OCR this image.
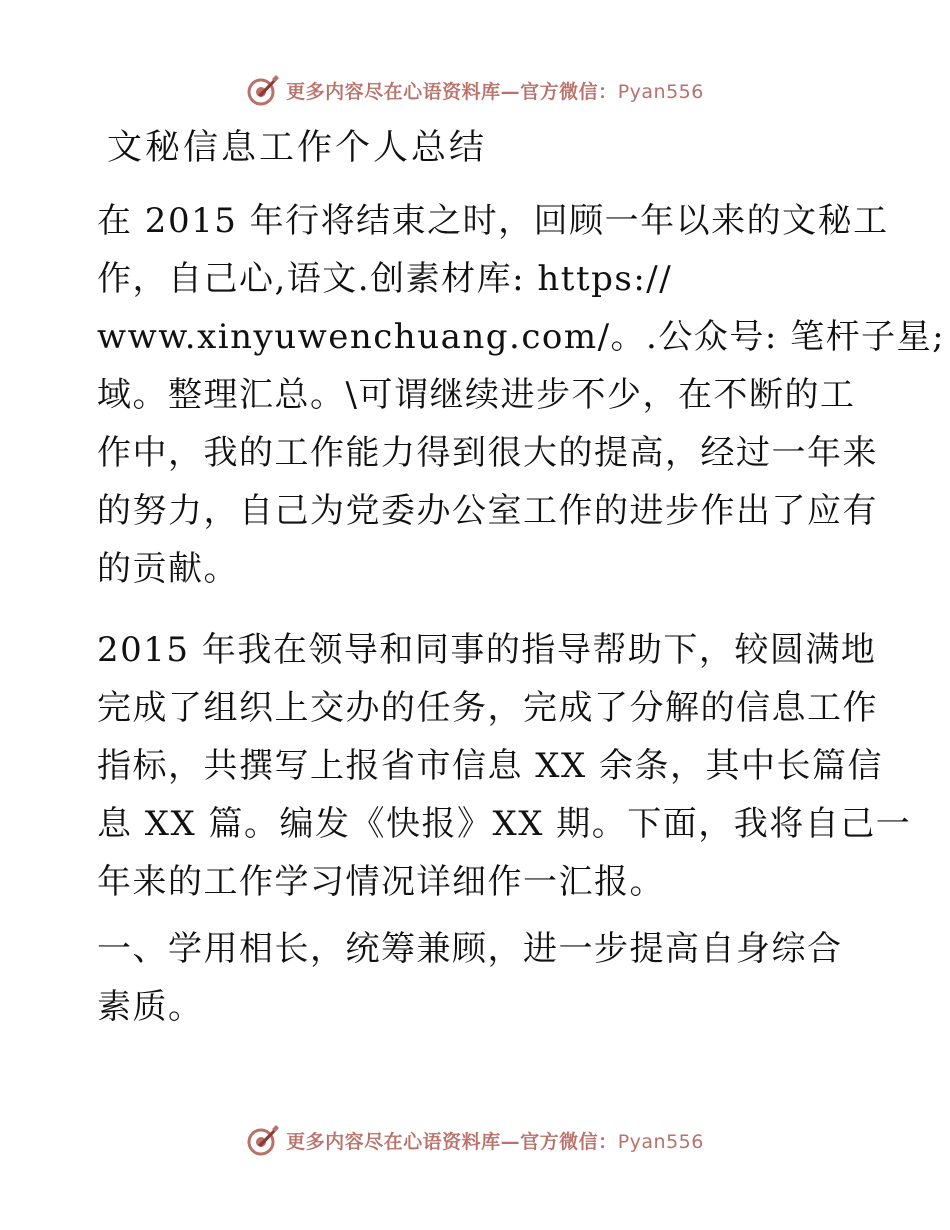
更多内容尽在心语资料库—官方微信：Pyan556
文秘信息工作个人总结

在 2015 年行将结束之时，回顾一年以来的文秘工
作，自己心,语文.创素材库: https://
www.xinyuwenchuang.com/。.公众号: 笔杆子星;
域。整理汇总。\可谓继续进步不少，在不断的工
作中，我的工作能力得到很大的提高，经过一年来
的努力，自己为党委办公室工作的进步作出了应有
的贡献。

2015 年我在领导和同事的指导帮助下，较圆满地
完成了组织上交办的任务，完成了分解的信息工作
指标，共撰写上报省市信息 XX 余条，其中长篇信
息 XX 篇。编发《快报》XX 期。下面，我将自己一
年来的工作学习情况详细作一汇报。

一、学用相长，统筹兼顾，进一步提高自身综合
素质。

更多内容尽在心语资料库—官方微信：Pyan556
